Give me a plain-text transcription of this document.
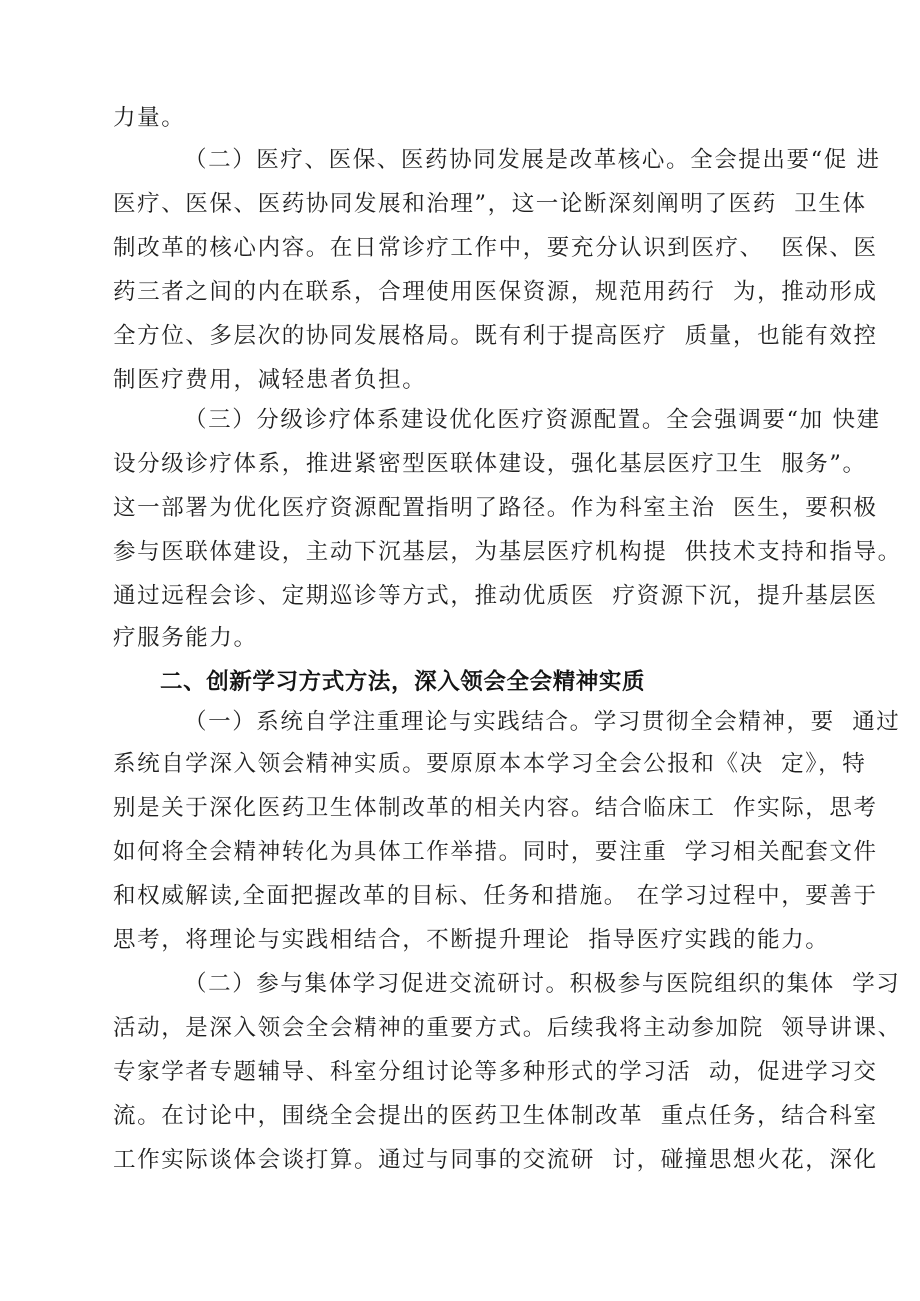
力量。
（二）医疗、医保、医药协同发展是改革核心。全会提出要“促 进
医疗、医保、医药协同发展和治理”，这一论断深刻阐明了医药  卫生体
制改革的核心内容。在日常诊疗工作中，要充分认识到医疗、  医保、医
药三者之间的内在联系，合理使用医保资源，规范用药行  为，推动形成
全方位、多层次的协同发展格局。既有利于提高医疗  质量，也能有效控
制医疗费用，减轻患者负担。
（三）分级诊疗体系建设优化医疗资源配置。全会强调要“加 快建
设分级诊疗体系，推进紧密型医联体建设，强化基层医疗卫生  服务”。
这一部署为优化医疗资源配置指明了路径。作为科室主治  医生，要积极
参与医联体建设，主动下沉基层，为基层医疗机构提  供技术支持和指导。
通过远程会诊、定期巡诊等方式，推动优质医  疗资源下沉，提升基层医
疗服务能力。
二、创新学习方式方法，深入领会全会精神实质
（一）系统自学注重理论与实践结合。学习贯彻全会精神，要  通过
系统自学深入领会精神实质。要原原本本学习全会公报和《决  定》，特
别是关于深化医药卫生体制改革的相关内容。结合临床工  作实际，思考
如何将全会精神转化为具体工作举措。同时，要注重  学习相关配套文件
和权威解读,全面把握改革的目标、任务和措施。 在学习过程中，要善于
思考，将理论与实践相结合，不断提升理论  指导医疗实践的能力。
（二）参与集体学习促进交流研讨。积极参与医院组织的集体  学习
活动，是深入领会全会精神的重要方式。后续我将主动参加院  领导讲课、
专家学者专题辅导、科室分组讨论等多种形式的学习活  动，促进学习交
流。在讨论中，围绕全会提出的医药卫生体制改革  重点任务，结合科室
工作实际谈体会谈打算。通过与同事的交流研  讨，碰撞思想火花，深化
